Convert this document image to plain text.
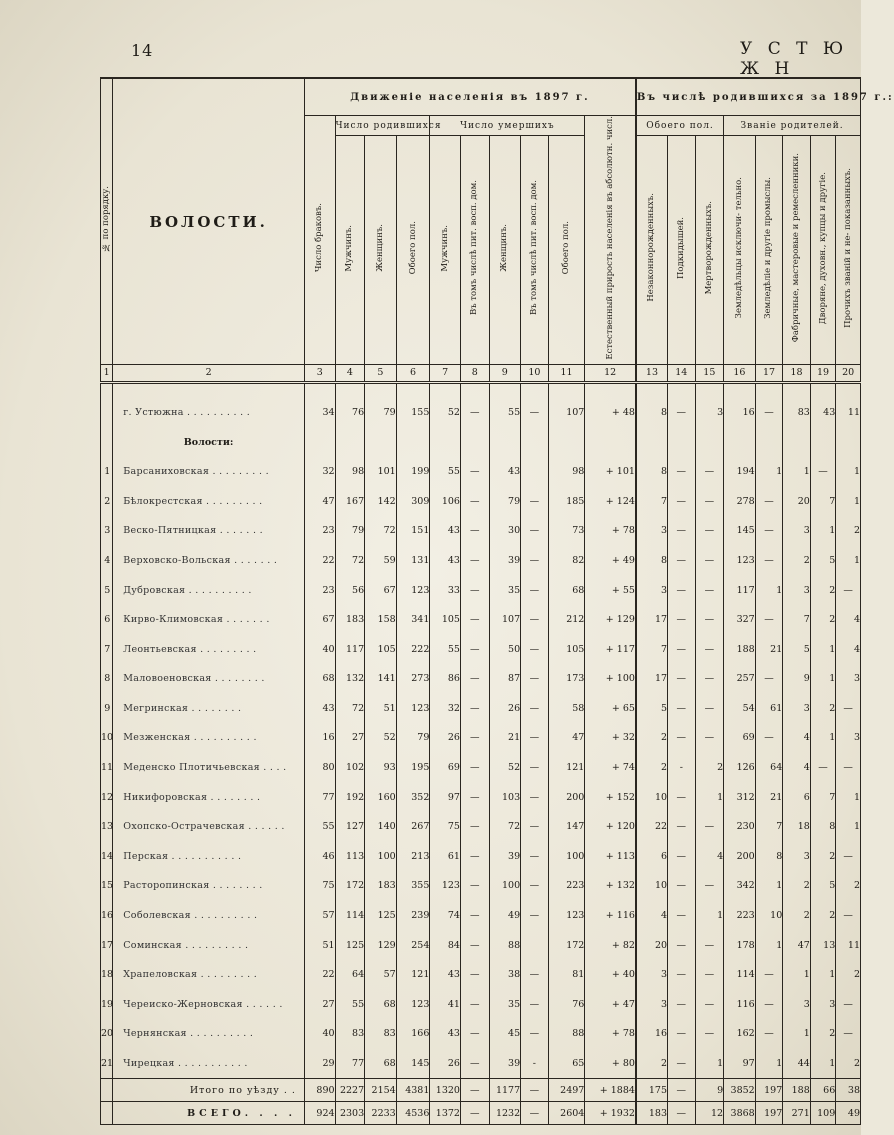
14	У С Т Ю Ж Н
№ по порядку.	ВОЛОСТИ.	Движеніе населенія въ 1897 г.										Въ числѣ родившихся за 1897 г.:							
		Число браковъ.	Число родившихся			Число умершихъ					Естественный прирость населенія въ абсолютн. числ.	Обоего пол.			Званіе родителей.				
			Мужчинъ.	Женщинъ.	Обоего пол.	Мужчинъ.	Въ томъ числѣ пит. восп. дом.	Женщинъ.	Въ томъ числѣ пит. восп. дом.	Обоего пол.		Незаконнорожденныхъ.	Подкидышей.	Мертворожденныхъ.	Земледѣльцы исключи- тельно.	Земледѣліе и другіе промыслы.	Фабричные, мастеровые и ремесленники.	Дворяне, духовн., купцы и другіе.	Прочихъ званій и не- показанныхъ.
1	2	3	4	5	6	7	8	9	10	11	12	13	14	15	16	17	18	19	20

	г. Устюжна . . . . . . . . . .	34	76	79	155	52	—	55	—	107	+ 48	8	—	3	16	—	83	43	11
	Волости:																		
1	Барсаниховская . . . . . . . . .	32	98	101	199	55	—	43		98	+ 101	8	—	—	194	1	1	—	1
2	Бѣлокрестская . . . . . . . . .	47	167	142	309	106	—	79	—	185	+ 124	7	—	—	278	—	20	7	1
3	Веско-Пятницкая . . . . . . .	23	79	72	151	43	—	30	—	73	+ 78	3	—	—	145	—	3	1	2
4	Верховско-Вольская . . . . . . .	22	72	59	131	43	—	39	—	82	+ 49	8	—	—	123	—	2	5	1
5	Дубровская . . . . . . . . . .	23	56	67	123	33	—	35	—	68	+ 55	3	—	—	117	1	3	2	—
6	Кирво-Климовская . . . . . . .	67	183	158	341	105	—	107	—	212	+ 129	17	—	—	327	—	7	2	4
7	Леонтьевская . . . . . . . . .	40	117	105	222	55	—	50	—	105	+ 117	7	—	—	188	21	5	1	4
8	Маловоеновская . . . . . . . .	68	132	141	273	86	—	87	—	173	+ 100	17	—	—	257	—	9	1	3
9	Мегринская . . . . . . . .	43	72	51	123	32	—	26	—	58	+ 65	5	—	—	54	61	3	2	—
10	Мезженская . . . . . . . . . .	16	27	52	79	26	—	21	—	47	+ 32	2	—	—	69	—	4	1	3
11	Меденско Плотичьевская . . . .	80	102	93	195	69	—	52	—	121	+ 74	2	-	2	126	64	4	—	—
12	Никифоровская . . . . . . . .	77	192	160	352	97	—	103	—	200	+ 152	10	—	1	312	21	6	7	1
13	Охопско-Острачевская . . . . . .	55	127	140	267	75	—	72	—	147	+ 120	22	—	—	230	7	18	8	1
14	Перская . . . . . . . . . . .	46	113	100	213	61	—	39	—	100	+ 113	6	—	4	200	8	3	2	—
15	Расторопинская . . . . . . . .	75	172	183	355	123	—	100	—	223	+ 132	10	—	—	342	1	2	5	2
16	Соболевская . . . . . . . . . .	57	114	125	239	74	—	49	—	123	+ 116	4	—	1	223	10	2	2	—
17	Соминская . . . . . . . . . .	51	125	129	254	84	—	88		172	+ 82	20	—	—	178	1	47	13	11
18	Храпеловская . . . . . . . . .	22	64	57	121	43	—	38	—	81	+ 40	3	—	—	114	—	1	1	2
19	Череиско-Жерновская . . . . . .	27	55	68	123	41	—	35	—	76	+ 47	3	—	—	116	—	3	3	—
20	Чернянская . . . . . . . . . .	40	83	83	166	43	—	45	—	88	+ 78	16	—	—	162	—	1	2	—
21	Чирецкая . . . . . . . . . . .	29	77	68	145	26	—	39	-	65	+ 80	2	—	1	97	1	44	1	2
	Итого по уѣзду . .	890	2227	2154	4381	1320	—	1177	—	2497	+ 1884	175	—	9	3852	197	188	66	38
	ВСЕГО. . . .	924	2303	2233	4536	1372	—	1232	—	2604	+ 1932	183	—	12	3868	197	271	109	49
